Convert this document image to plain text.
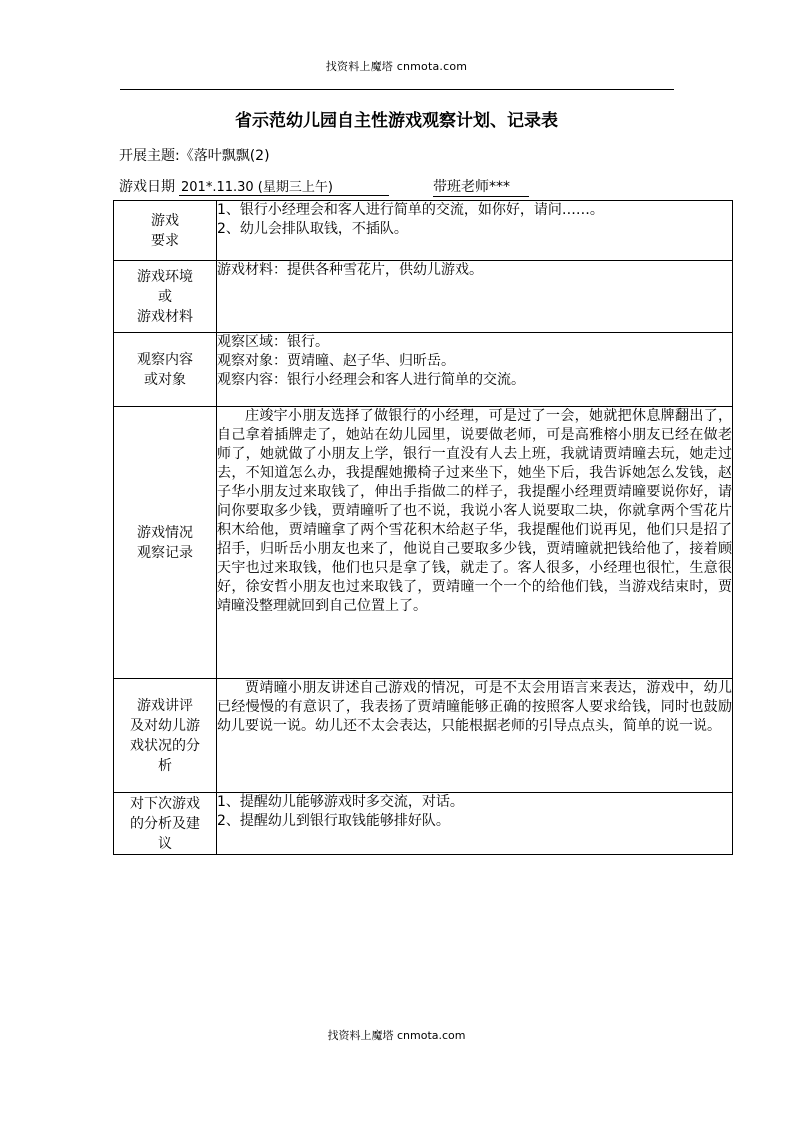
找资料上魔塔 cnmota.com
省示范幼儿园自主性游戏观察计划、记录表
开展主题:《落叶飘飘(2)
游戏日期 201*.11.30 (星期三上午)	带班老师***
游戏
要求	1、银行小经理会和客人进行简单的交流，如你好，请问……。
2、幼儿会排队取钱，不插队。

游戏环境
或
游戏材料	游戏材料：提供各种雪花片，供幼儿游戏。

观察内容
或对象	观察区域：银行。
观察对象：贾靖曈、赵子华、归昕岳。
观察内容：银行小经理会和客人进行简单的交流。

游戏情况
观察记录	庄竣宇小朋友选择了做银行的小经理，可是过了一会，她就把休息牌翻出了，自己拿着插牌走了，她站在幼儿园里，说要做老师，可是高雅榕小朋友已经在做老师了，她就做了小朋友上学，银行一直没有人去上班，我就请贾靖曈去玩，她走过去，不知道怎么办，我提醒她搬椅子过来坐下，她坐下后，我告诉她怎么发钱，赵子华小朋友过来取钱了，伸出手指做二的样子，我提醒小经理贾靖曈要说你好，请问你要取多少钱，贾靖曈听了也不说，我说小客人说要取二块，你就拿两个雪花片积木给他，贾靖曈拿了两个雪花积木给赵子华，我提醒他们说再见，他们只是招了招手，归昕岳小朋友也来了，他说自己要取多少钱，贾靖曈就把钱给他了，接着顾天宇也过来取钱，他们也只是拿了钱，就走了。客人很多，小经理也很忙，生意很好，徐安哲小朋友也过来取钱了，贾靖曈一个一个的给他们钱，当游戏结束时，贾靖曈没整理就回到自己位置上了。

游戏讲评
及对幼儿游
戏状况的分
析	贾靖曈小朋友讲述自己游戏的情况，可是不太会用语言来表达，游戏中，幼儿已经慢慢的有意识了，我表扬了贾靖曈能够正确的按照客人要求给钱，同时也鼓励幼儿要说一说。幼儿还不太会表达，只能根据老师的引导点点头，简单的说一说。

对下次游戏
的分析及建
议	1、提醒幼儿能够游戏时多交流，对话。
2、提醒幼儿到银行取钱能够排好队。
找资料上魔塔 cnmota.com
